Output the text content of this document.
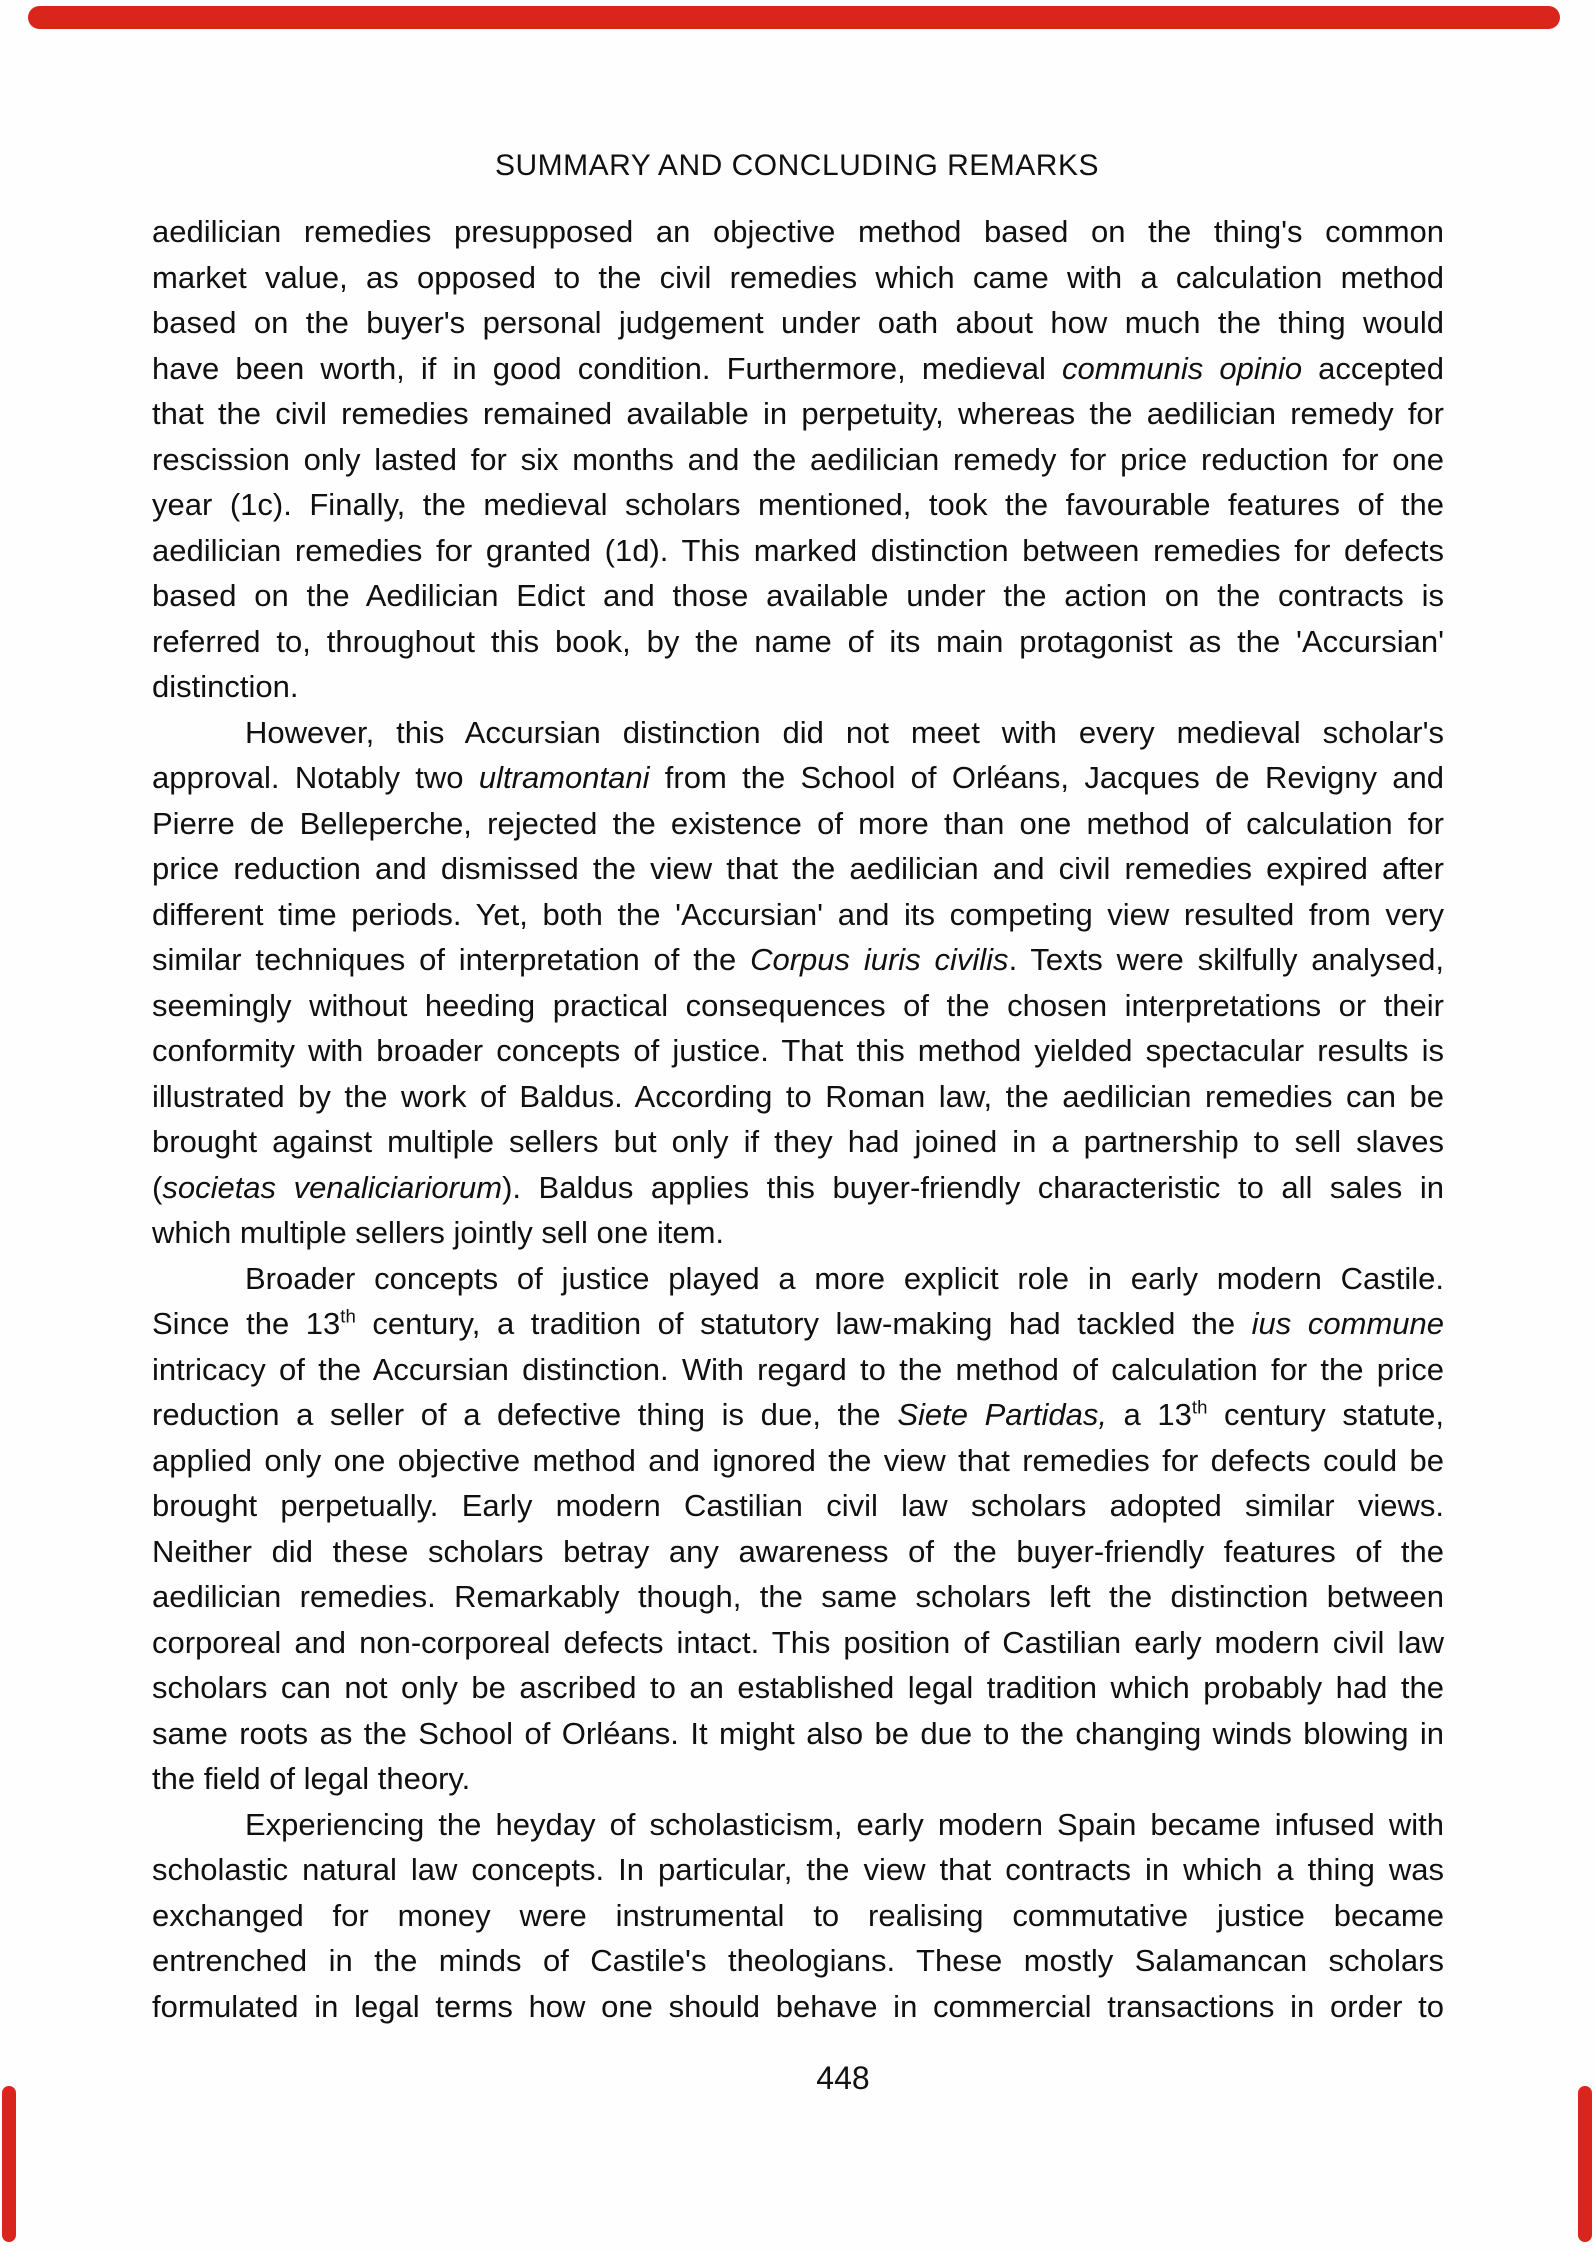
SUMMARY AND CONCLUDING REMARKS
aedilician remedies presupposed an objective method based on the thing's common
market value, as opposed to the civil remedies which came with a calculation method
based on the buyer's personal judgement under oath about how much the thing would
have been worth, if in good condition. Furthermore, medieval communis opinio accepted
that the civil remedies remained available in perpetuity, whereas the aedilician remedy for
rescission only lasted for six months and the aedilician remedy for price reduction for one
year (1c). Finally, the medieval scholars mentioned, took the favourable features of the
aedilician remedies for granted (1d). This marked distinction between remedies for defects
based on the Aedilician Edict and those available under the action on the contracts is
referred to, throughout this book, by the name of its main protagonist as the 'Accursian'
distinction.
However, this Accursian distinction did not meet with every medieval scholar's
approval. Notably two ultramontani from the School of Orléans, Jacques de Revigny and
Pierre de Belleperche, rejected the existence of more than one method of calculation for
price reduction and dismissed the view that the aedilician and civil remedies expired after
different time periods. Yet, both the 'Accursian' and its competing view resulted from very
similar techniques of interpretation of the Corpus iuris civilis. Texts were skilfully analysed,
seemingly without heeding practical consequences of the chosen interpretations or their
conformity with broader concepts of justice. That this method yielded spectacular results is
illustrated by the work of Baldus. According to Roman law, the aedilician remedies can be
brought against multiple sellers but only if they had joined in a partnership to sell slaves
(societas venaliciariorum). Baldus applies this buyer-friendly characteristic to all sales in
which multiple sellers jointly sell one item.
Broader concepts of justice played a more explicit role in early modern Castile.
Since the 13th century, a tradition of statutory law-making had tackled the ius commune
intricacy of the Accursian distinction. With regard to the method of calculation for the price
reduction a seller of a defective thing is due, the Siete Partidas, a 13th century statute,
applied only one objective method and ignored the view that remedies for defects could be
brought perpetually. Early modern Castilian civil law scholars adopted similar views.
Neither did these scholars betray any awareness of the buyer-friendly features of the
aedilician remedies. Remarkably though, the same scholars left the distinction between
corporeal and non-corporeal defects intact. This position of Castilian early modern civil law
scholars can not only be ascribed to an established legal tradition which probably had the
same roots as the School of Orléans. It might also be due to the changing winds blowing in
the field of legal theory.
Experiencing the heyday of scholasticism, early modern Spain became infused with
scholastic natural law concepts. In particular, the view that contracts in which a thing was
exchanged for money were instrumental to realising commutative justice became
entrenched in the minds of Castile's theologians. These mostly Salamancan scholars
formulated in legal terms how one should behave in commercial transactions in order to
448
